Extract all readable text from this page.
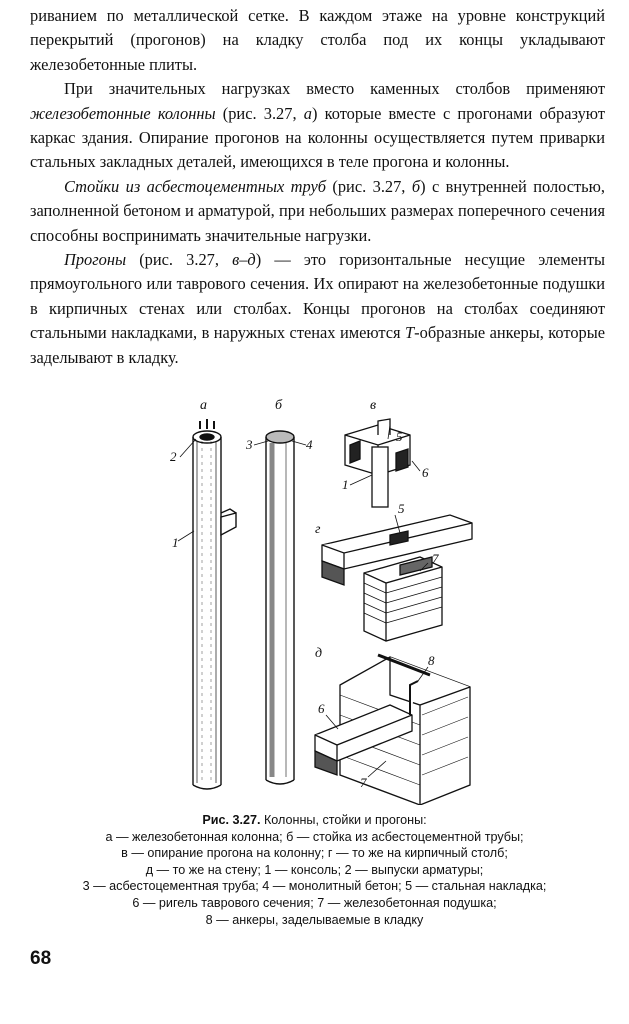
риванием по металлической сетке. В каждом этаже на уровне конструкций перекрытий (прогонов) на кладку столба под их концы укладывают железобетонные плиты.

При значительных нагрузках вместо каменных столбов применяют железобетонные колонны (рис. 3.27, а) которые вместе с прогонами образуют каркас здания. Опирание прогонов на колонны осуществляется путем приварки стальных закладных деталей, имеющихся в теле прогона и колонны.

Стойки из асбестоцементных труб (рис. 3.27, б) с внутренней полостью, заполненной бетоном и арматурой, при небольших размерах поперечного сечения способны воспринимать значительные нагрузки.

Прогоны (рис. 3.27, в–д) — это горизонтальные несущие элементы прямоугольного или таврового сечения. Их опирают на железобетонные подушки в кирпичных стенах или столбах. Концы прогонов на столбах соединяют стальными накладками, в наружных стенах имеются Т-образные анкеры, которые заделывают в кладку.

а	б	в
г
д
1
2
3	4
5
1
6
5
7
8
6
7
Рис. 3.27. Колонны, стойки и прогоны:
а — железобетонная колонна; б — стойка из асбестоцементной трубы;
в — опирание прогона на колонну; г — то же на кирпичный столб;
д — то же на стену; 1 — консоль; 2 — выпуски арматуры;
3 — асбестоцементная труба; 4 — монолитный бетон; 5 — стальная накладка;
6 — ригель таврового сечения; 7 — железобетонная подушка;
8 — анкеры, заделываемые в кладку
68
